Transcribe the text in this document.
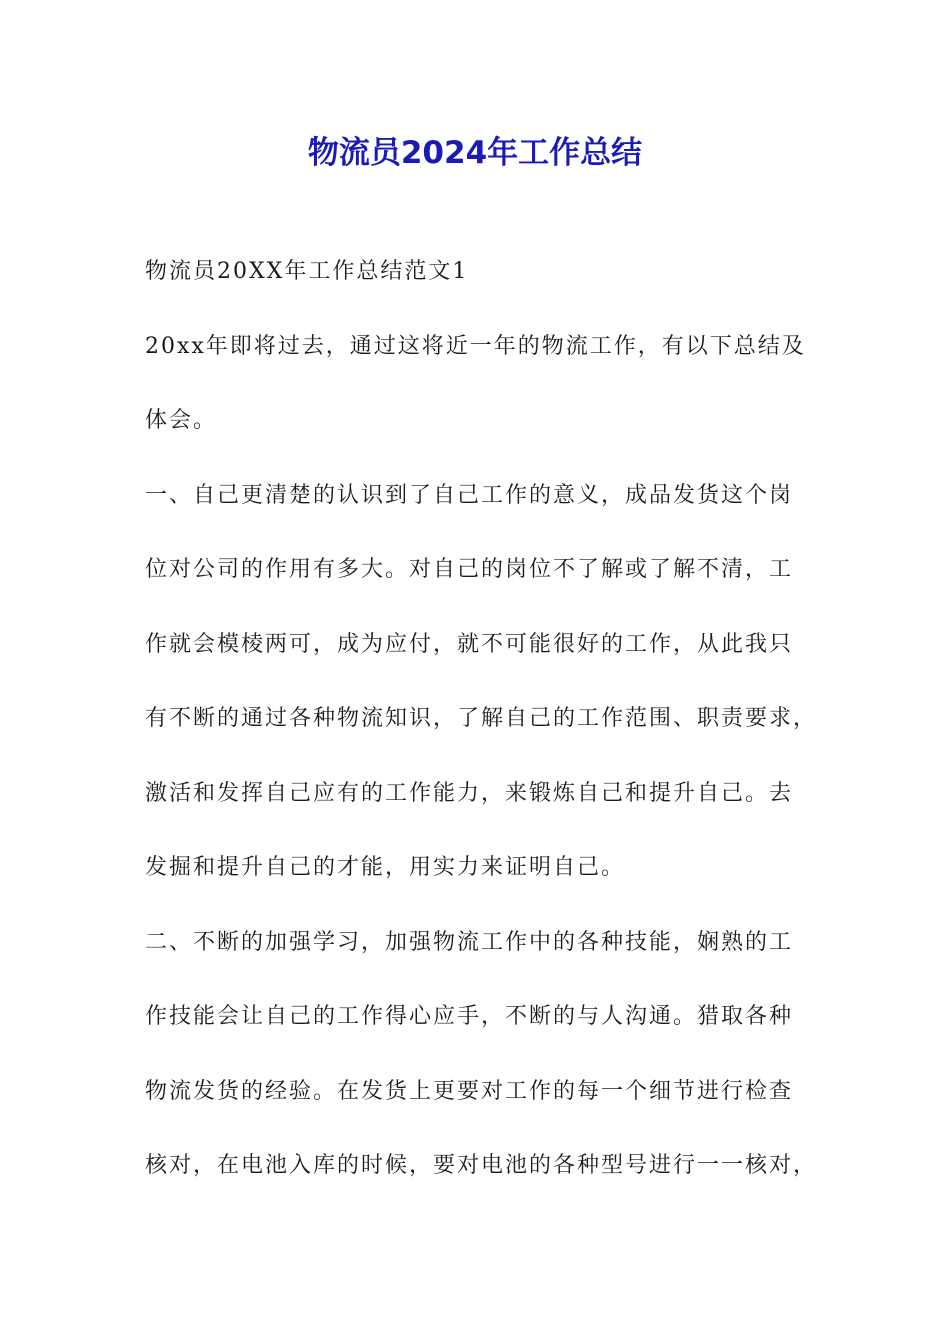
物流员2024年工作总结
物流员20XX年工作总结范文1
20xx年即将过去，通过这将近一年的物流工作，有以下总结及
体会。
一、自己更清楚的认识到了自己工作的意义，成品发货这个岗
位对公司的作用有多大。对自己的岗位不了解或了解不清，工
作就会模棱两可，成为应付，就不可能很好的工作，从此我只
有不断的通过各种物流知识，了解自己的工作范围、职责要求，
激活和发挥自己应有的工作能力，来锻炼自己和提升自己。去
发掘和提升自己的才能，用实力来证明自己。
二、不断的加强学习，加强物流工作中的各种技能，娴熟的工
作技能会让自己的工作得心应手，不断的与人沟通。猎取各种
物流发货的经验。在发货上更要对工作的每一个细节进行检查
核对，在电池入库的时候，要对电池的各种型号进行一一核对，
